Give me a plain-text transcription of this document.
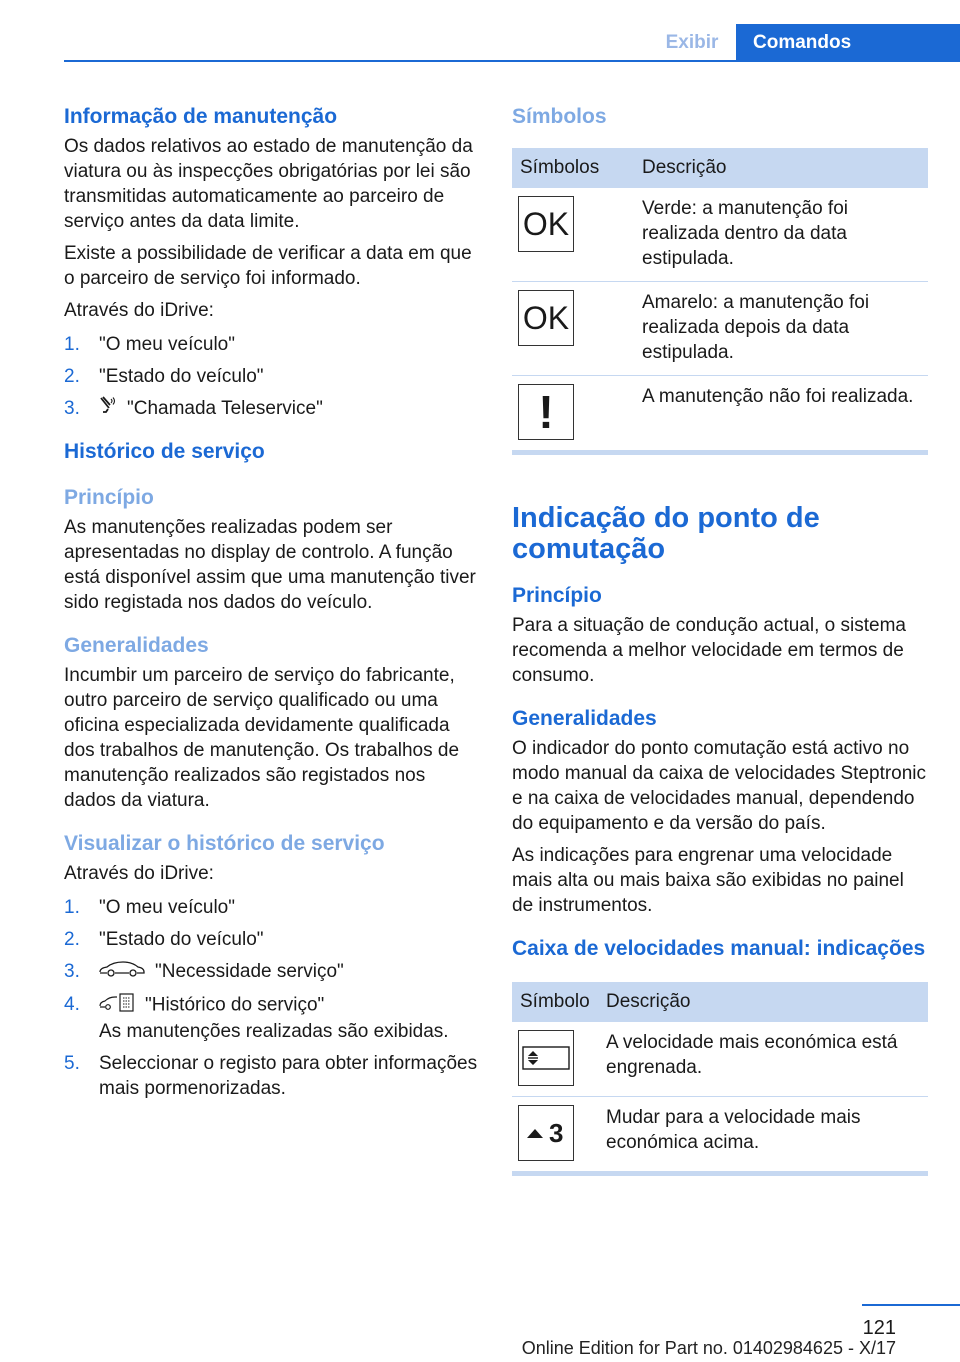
Exibir	Comandos
Informação de manutenção

Os dados relativos ao estado de manutenção da viatura ou às inspecções obrigatórias por lei são transmitidas automaticamente ao parceiro de serviço antes da data limite.

Existe a possibilidade de verificar a data em que o parceiro de serviço foi informado.

Através do iDrive:

1. "O meu veículo"
2. "Estado do veículo"
3. "Chamada Teleservice"
Histórico de serviço
Princípio

As manutenções realizadas podem ser apresentadas no display de controlo. A função está disponível assim que uma manutenção tiver sido registada nos dados do veículo.

Generalidades

Incumbir um parceiro de serviço do fabricante, outro parceiro de serviço qualificado ou uma oficina especializada devidamente qualificada dos trabalhos de manutenção. Os trabalhos de manutenção realizados são registados nos dados da viatura.

Visualizar o histórico de serviço

Através do iDrive:

1. "O meu veículo"
2. "Estado do veículo"
3.	"Necessidade serviço"
4.	"Histórico do serviço"
As manutenções realizadas são exibidas.
5. Seleccionar o registo para obter informações mais pormenorizadas.
Símbolos
Símbolos	Descrição

OK	Verde: a manutenção foi realizada dentro da data estipulada.

OK	Amarelo: a manutenção foi realizada depois da data estipulada.

!	A manutenção não foi realizada.
Indicação do ponto de comutação
Princípio

Para a situação de condução actual, o sistema recomenda a melhor velocidade em termos de consumo.

Generalidades

O indicador do ponto comutação está activo no modo manual da caixa de velocidades Steptronic e na caixa de velocidades manual, dependendo do equipamento e da versão do país.

As indicações para engrenar uma velocidade mais alta ou mais baixa são exibidas no painel de instrumentos.

Caixa de velocidades manual: indicações
Símbolo	Descrição

	A velocidade mais económica está engrenada.

3	Mudar para a velocidade mais económica acima.
121
Online Edition for Part no. 01402984625 - X/17
